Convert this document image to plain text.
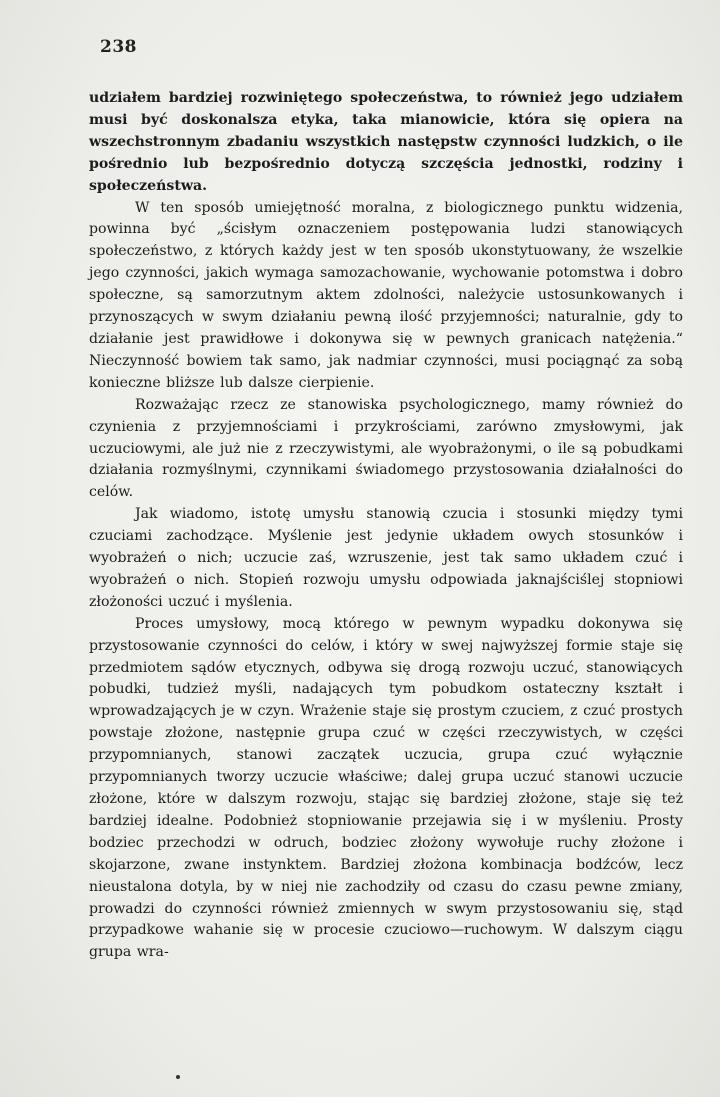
238

udziałem bardziej rozwiniętego społeczeństwa, to również jego udziałem musi być doskonalsza etyka, taka mianowicie, która się opiera na wszechstronnym zbadaniu wszystkich następstw czynności ludzkich, o ile pośrednio lub bezpośrednio dotyczą szczęścia jednostki, rodziny i społeczeństwa.

W ten sposób umiejętność moralna, z biologicznego punktu widzenia, powinna być „ścisłym oznaczeniem postępowania ludzi stanowiących społeczeństwo, z których każdy jest w ten sposób ukonstytuowany, że wszelkie jego czynności, jakich wymaga samozachowanie, wychowanie potomstwa i dobro społeczne, są samorzutnym aktem zdolności, należycie ustosunkowanych i przynoszących w swym działaniu pewną ilość przyjemności; naturalnie, gdy to działanie jest prawidłowe i dokonywa się w pewnych granicach natężenia.“ Nieczynność bowiem tak samo, jak nadmiar czynności, musi pociągnąć za sobą konieczne bliższe lub dalsze cierpienie.

Rozważając rzecz ze stanowiska psychologicznego, mamy również do czynienia z przyjemnościami i przykrościami, zarówno zmysłowymi, jak uczuciowymi, ale już nie z rzeczywistymi, ale wyobrażonymi, o ile są pobudkami działania rozmyślnymi, czynnikami świadomego przystosowania działalności do celów.

Jak wiadomo, istotę umysłu stanowią czucia i stosunki między tymi czuciami zachodzące. Myślenie jest jedynie układem owych stosunków i wyobrażeń o nich; uczucie zaś, wzruszenie, jest tak samo układem czuć i wyobrażeń o nich. Stopień rozwoju umysłu odpowiada jaknajściślej stopniowi złożoności uczuć i myślenia.

Proces umysłowy, mocą którego w pewnym wypadku dokonywa się przystosowanie czynności do celów, i który w swej najwyższej formie staje się przedmiotem sądów etycznych, odbywa się drogą rozwoju uczuć, stanowiących pobudki, tudzież myśli, nadających tym pobudkom ostateczny kształt i wprowadzających je w czyn. Wrażenie staje się prostym czuciem, z czuć prostych powstaje złożone, następnie grupa czuć w części rzeczywistych, w części przypomnianych, stanowi zaczątek uczucia, grupa czuć wyłącznie przypomnianych tworzy uczucie właściwe; dalej grupa uczuć stanowi uczucie złożone, które w dalszym rozwoju, stając się bardziej złożone, staje się też bardziej idealne. Podobnież stopniowanie przejawia się i w myśleniu. Prosty bodziec przechodzi w odruch, bodziec złożony wywołuje ruchy złożone i skojarzone, zwane instynktem. Bardziej złożona kombinacja bodźców, lecz nieustalona dotyla, by w niej nie zachodziły od czasu do czasu pewne zmiany, prowadzi do czynności również zmiennych w swym przystosowaniu się, stąd przypadkowe wahanie się w procesie czuciowo—ruchowym. W dalszym ciągu grupa wra-
